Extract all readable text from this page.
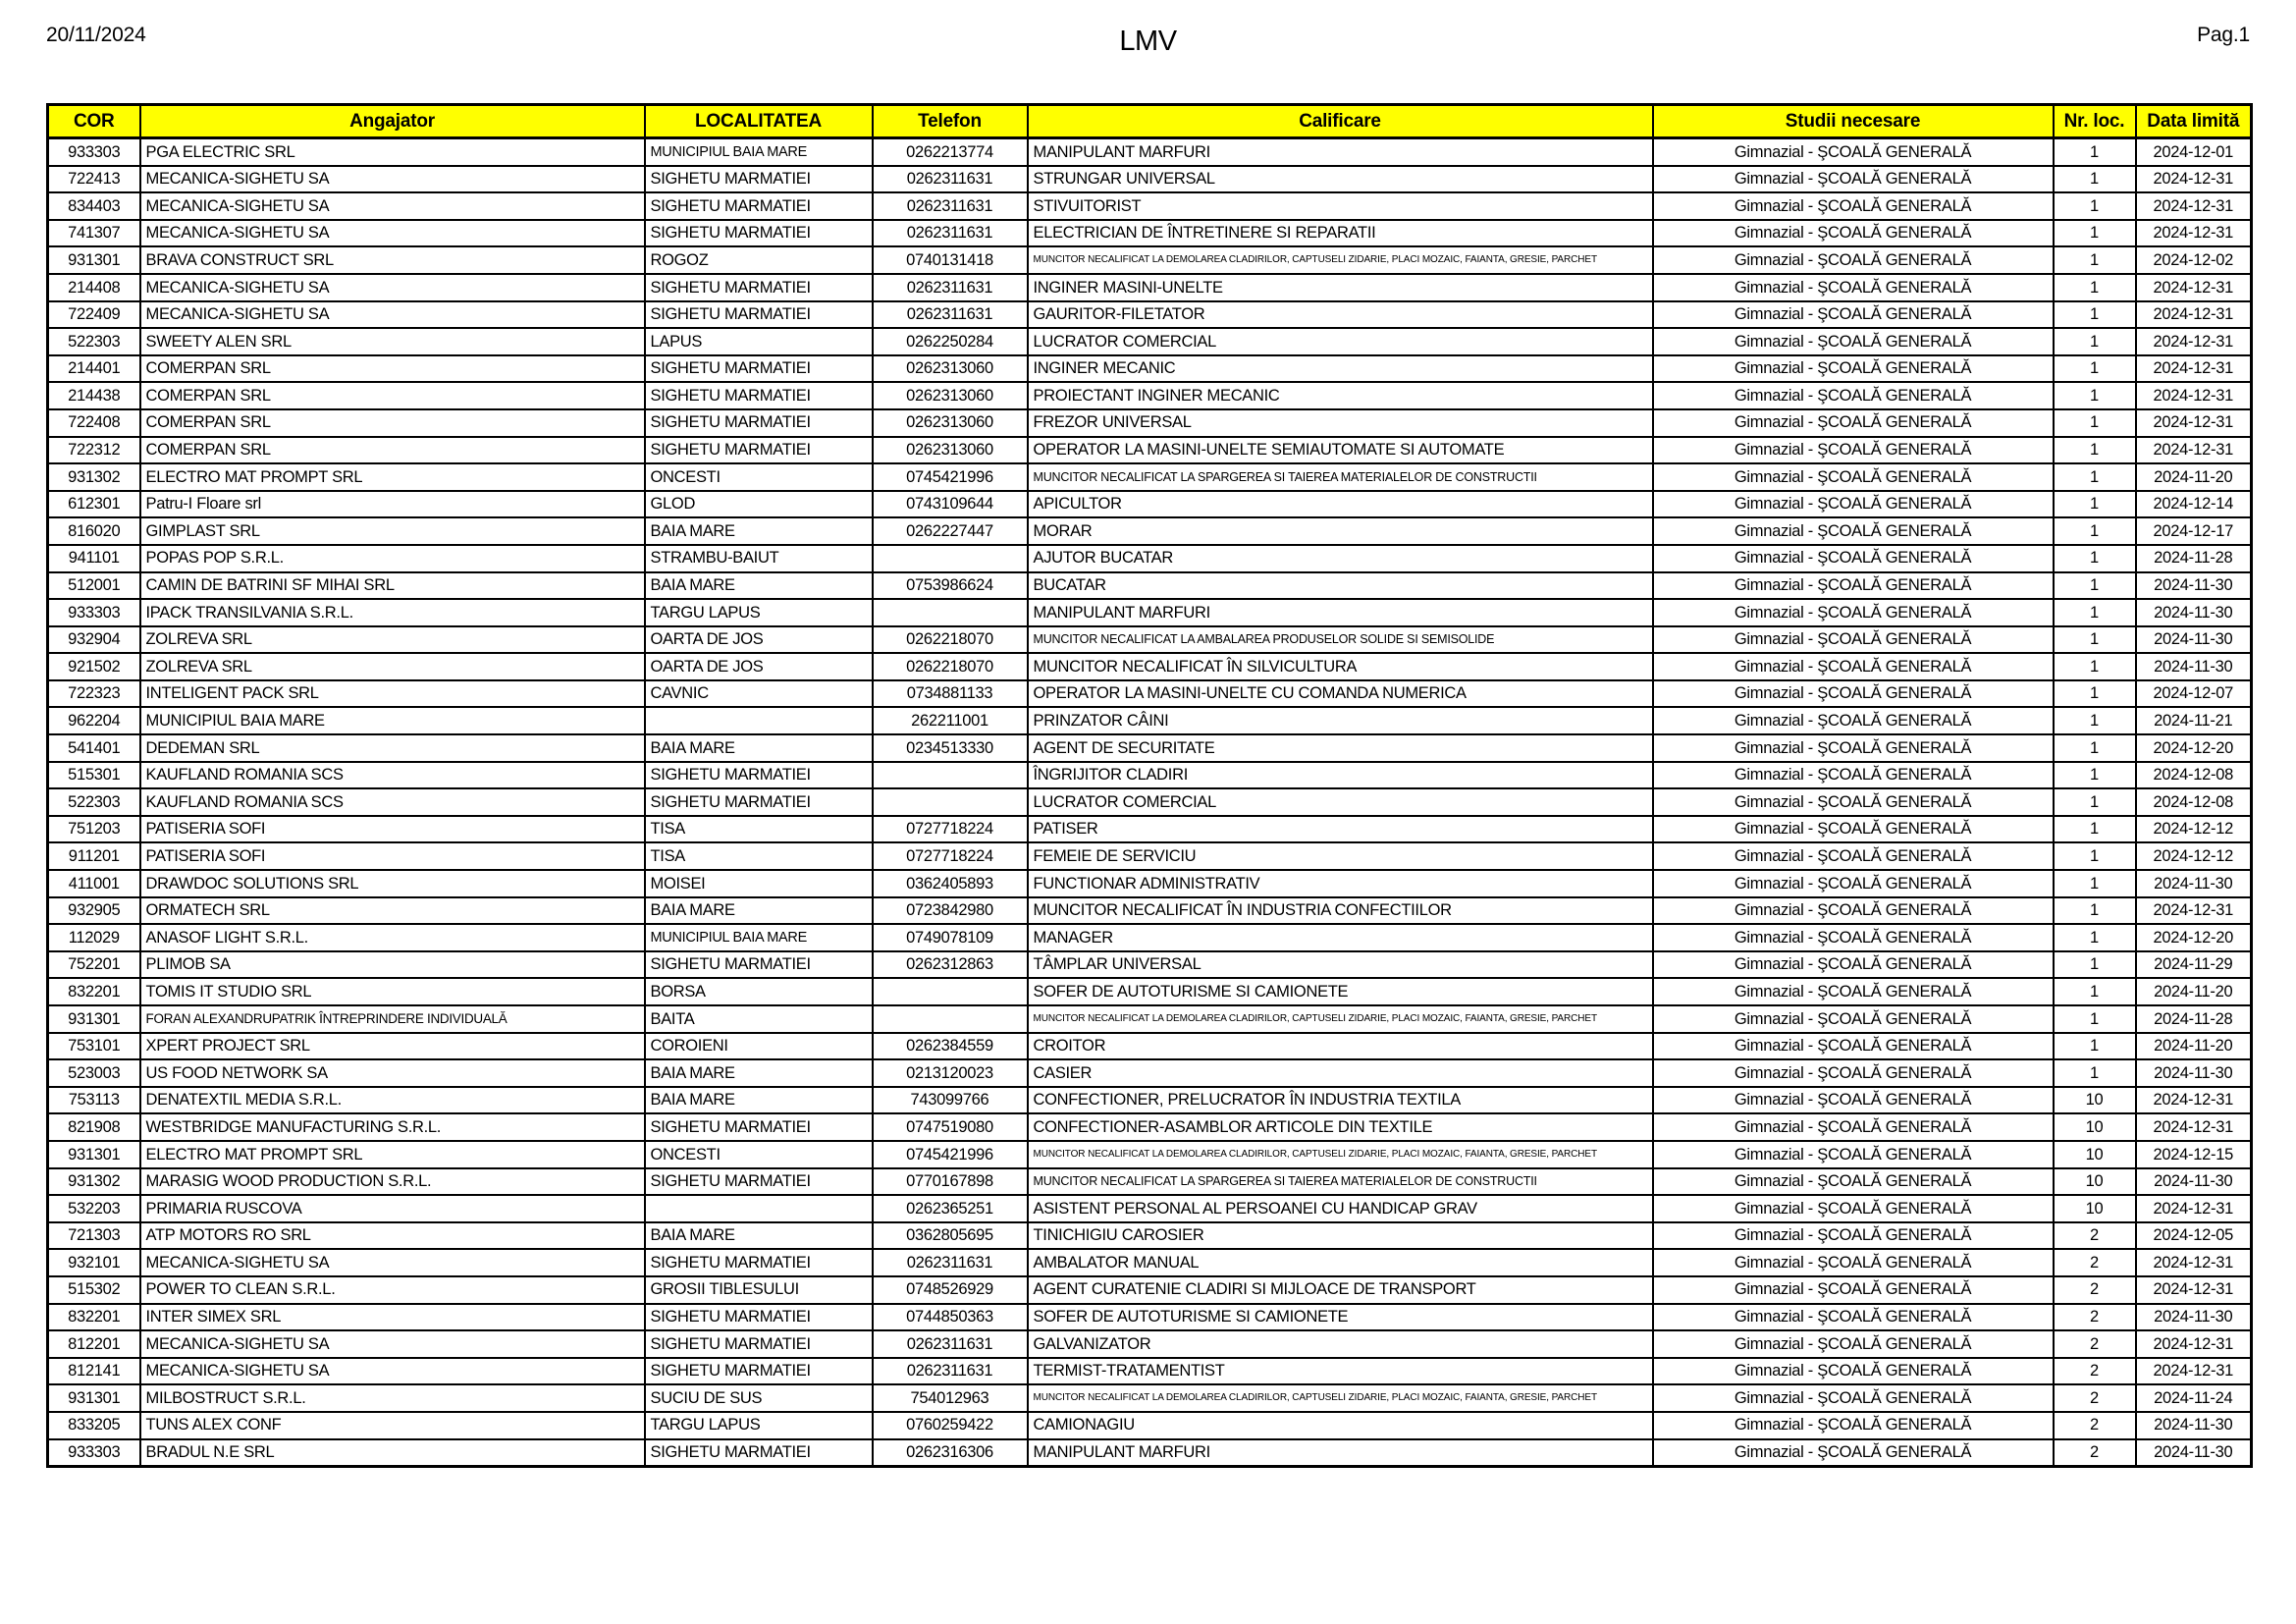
20/11/2024	LMV	Pag.1
COR	Angajator	LOCALITATEA	Telefon	Calificare	Studii necesare	Nr. loc.	Data limită
933303	PGA ELECTRIC SRL	MUNICIPIUL BAIA MARE	0262213774	MANIPULANT MARFURI	Gimnazial - ŞCOALĂ GENERALĂ	1	2024-12-01
722413	MECANICA-SIGHETU SA	SIGHETU MARMATIEI	0262311631	STRUNGAR UNIVERSAL	Gimnazial - ŞCOALĂ GENERALĂ	1	2024-12-31
834403	MECANICA-SIGHETU SA	SIGHETU MARMATIEI	0262311631	STIVUITORIST	Gimnazial - ŞCOALĂ GENERALĂ	1	2024-12-31
741307	MECANICA-SIGHETU SA	SIGHETU MARMATIEI	0262311631	ELECTRICIAN DE ÎNTRETINERE SI REPARATII	Gimnazial - ŞCOALĂ GENERALĂ	1	2024-12-31
931301	BRAVA CONSTRUCT SRL	ROGOZ	0740131418	MUNCITOR NECALIFICAT LA DEMOLAREA CLADIRILOR, CAPTUSELI ZIDARIE, PLACI MOZAIC, FAIANTA, GRESIE, PARCHET	Gimnazial - ŞCOALĂ GENERALĂ	1	2024-12-02
214408	MECANICA-SIGHETU SA	SIGHETU MARMATIEI	0262311631	INGINER MASINI-UNELTE	Gimnazial - ŞCOALĂ GENERALĂ	1	2024-12-31
722409	MECANICA-SIGHETU SA	SIGHETU MARMATIEI	0262311631	GAURITOR-FILETATOR	Gimnazial - ŞCOALĂ GENERALĂ	1	2024-12-31
522303	SWEETY ALEN SRL	LAPUS	0262250284	LUCRATOR COMERCIAL	Gimnazial - ŞCOALĂ GENERALĂ	1	2024-12-31
214401	COMERPAN SRL	SIGHETU MARMATIEI	0262313060	INGINER MECANIC	Gimnazial - ŞCOALĂ GENERALĂ	1	2024-12-31
214438	COMERPAN SRL	SIGHETU MARMATIEI	0262313060	PROIECTANT INGINER MECANIC	Gimnazial - ŞCOALĂ GENERALĂ	1	2024-12-31
722408	COMERPAN SRL	SIGHETU MARMATIEI	0262313060	FREZOR UNIVERSAL	Gimnazial - ŞCOALĂ GENERALĂ	1	2024-12-31
722312	COMERPAN SRL	SIGHETU MARMATIEI	0262313060	OPERATOR LA MASINI-UNELTE SEMIAUTOMATE SI AUTOMATE	Gimnazial - ŞCOALĂ GENERALĂ	1	2024-12-31
931302	ELECTRO MAT PROMPT SRL	ONCESTI	0745421996	MUNCITOR NECALIFICAT LA SPARGEREA SI TAIEREA MATERIALELOR DE CONSTRUCTII	Gimnazial - ŞCOALĂ GENERALĂ	1	2024-11-20
612301	Patru-I Floare srl	GLOD	0743109644	APICULTOR	Gimnazial - ŞCOALĂ GENERALĂ	1	2024-12-14
816020	GIMPLAST SRL	BAIA MARE	0262227447	MORAR	Gimnazial - ŞCOALĂ GENERALĂ	1	2024-12-17
941101	POPAS POP S.R.L.	STRAMBU-BAIUT		AJUTOR BUCATAR	Gimnazial - ŞCOALĂ GENERALĂ	1	2024-11-28
512001	CAMIN DE BATRINI SF MIHAI SRL	BAIA MARE	0753986624	BUCATAR	Gimnazial - ŞCOALĂ GENERALĂ	1	2024-11-30
933303	IPACK TRANSILVANIA S.R.L.	TARGU LAPUS		MANIPULANT MARFURI	Gimnazial - ŞCOALĂ GENERALĂ	1	2024-11-30
932904	ZOLREVA SRL	OARTA DE JOS	0262218070	MUNCITOR NECALIFICAT LA AMBALAREA PRODUSELOR SOLIDE SI SEMISOLIDE	Gimnazial - ŞCOALĂ GENERALĂ	1	2024-11-30
921502	ZOLREVA SRL	OARTA DE JOS	0262218070	MUNCITOR NECALIFICAT ÎN SILVICULTURA	Gimnazial - ŞCOALĂ GENERALĂ	1	2024-11-30
722323	INTELIGENT PACK SRL	CAVNIC	0734881133	OPERATOR LA MASINI-UNELTE CU COMANDA NUMERICA	Gimnazial - ŞCOALĂ GENERALĂ	1	2024-12-07
962204	MUNICIPIUL BAIA MARE		262211001	PRINZATOR CÂINI	Gimnazial - ŞCOALĂ GENERALĂ	1	2024-11-21
541401	DEDEMAN SRL	BAIA MARE	0234513330	AGENT DE SECURITATE	Gimnazial - ŞCOALĂ GENERALĂ	1	2024-12-20
515301	KAUFLAND ROMANIA SCS	SIGHETU MARMATIEI		ÎNGRIJITOR CLADIRI	Gimnazial - ŞCOALĂ GENERALĂ	1	2024-12-08
522303	KAUFLAND ROMANIA SCS	SIGHETU MARMATIEI		LUCRATOR COMERCIAL	Gimnazial - ŞCOALĂ GENERALĂ	1	2024-12-08
751203	PATISERIA SOFI	TISA	0727718224	PATISER	Gimnazial - ŞCOALĂ GENERALĂ	1	2024-12-12
911201	PATISERIA SOFI	TISA	0727718224	FEMEIE DE SERVICIU	Gimnazial - ŞCOALĂ GENERALĂ	1	2024-12-12
411001	DRAWDOC SOLUTIONS SRL	MOISEI	0362405893	FUNCTIONAR ADMINISTRATIV	Gimnazial - ŞCOALĂ GENERALĂ	1	2024-11-30
932905	ORMATECH SRL	BAIA MARE	0723842980	MUNCITOR NECALIFICAT ÎN INDUSTRIA CONFECTIILOR	Gimnazial - ŞCOALĂ GENERALĂ	1	2024-12-31
112029	ANASOF LIGHT S.R.L.	MUNICIPIUL BAIA MARE	0749078109	MANAGER	Gimnazial - ŞCOALĂ GENERALĂ	1	2024-12-20
752201	PLIMOB SA	SIGHETU MARMATIEI	0262312863	TÂMPLAR UNIVERSAL	Gimnazial - ŞCOALĂ GENERALĂ	1	2024-11-29
832201	TOMIS IT STUDIO SRL	BORSA		SOFER DE AUTOTURISME SI CAMIONETE	Gimnazial - ŞCOALĂ GENERALĂ	1	2024-11-20
931301	FORAN ALEXANDRUPATRIK ÎNTREPRINDERE INDIVIDUALĂ	BAITA		MUNCITOR NECALIFICAT LA DEMOLAREA CLADIRILOR, CAPTUSELI ZIDARIE, PLACI MOZAIC, FAIANTA, GRESIE, PARCHET	Gimnazial - ŞCOALĂ GENERALĂ	1	2024-11-28
753101	XPERT PROJECT SRL	COROIENI	0262384559	CROITOR	Gimnazial - ŞCOALĂ GENERALĂ	1	2024-11-20
523003	US FOOD NETWORK SA	BAIA MARE	0213120023	CASIER	Gimnazial - ŞCOALĂ GENERALĂ	1	2024-11-30
753113	DENATEXTIL MEDIA S.R.L.	BAIA MARE	743099766	CONFECTIONER, PRELUCRATOR ÎN INDUSTRIA TEXTILA	Gimnazial - ŞCOALĂ GENERALĂ	10	2024-12-31
821908	WESTBRIDGE MANUFACTURING S.R.L.	SIGHETU MARMATIEI	0747519080	CONFECTIONER-ASAMBLOR ARTICOLE DIN TEXTILE	Gimnazial - ŞCOALĂ GENERALĂ	10	2024-12-31
931301	ELECTRO MAT PROMPT SRL	ONCESTI	0745421996	MUNCITOR NECALIFICAT LA DEMOLAREA CLADIRILOR, CAPTUSELI ZIDARIE, PLACI MOZAIC, FAIANTA, GRESIE, PARCHET	Gimnazial - ŞCOALĂ GENERALĂ	10	2024-12-15
931302	MARASIG WOOD PRODUCTION S.R.L.	SIGHETU MARMATIEI	0770167898	MUNCITOR NECALIFICAT LA SPARGEREA SI TAIEREA MATERIALELOR DE CONSTRUCTII	Gimnazial - ŞCOALĂ GENERALĂ	10	2024-11-30
532203	PRIMARIA RUSCOVA		0262365251	ASISTENT PERSONAL AL PERSOANEI CU HANDICAP GRAV	Gimnazial - ŞCOALĂ GENERALĂ	10	2024-12-31
721303	ATP MOTORS RO SRL	BAIA MARE	0362805695	TINICHIGIU CAROSIER	Gimnazial - ŞCOALĂ GENERALĂ	2	2024-12-05
932101	MECANICA-SIGHETU SA	SIGHETU MARMATIEI	0262311631	AMBALATOR MANUAL	Gimnazial - ŞCOALĂ GENERALĂ	2	2024-12-31
515302	POWER TO CLEAN S.R.L.	GROSII TIBLESULUI	0748526929	AGENT CURATENIE CLADIRI SI MIJLOACE DE TRANSPORT	Gimnazial - ŞCOALĂ GENERALĂ	2	2024-12-31
832201	INTER SIMEX SRL	SIGHETU MARMATIEI	0744850363	SOFER DE AUTOTURISME SI CAMIONETE	Gimnazial - ŞCOALĂ GENERALĂ	2	2024-11-30
812201	MECANICA-SIGHETU SA	SIGHETU MARMATIEI	0262311631	GALVANIZATOR	Gimnazial - ŞCOALĂ GENERALĂ	2	2024-12-31
812141	MECANICA-SIGHETU SA	SIGHETU MARMATIEI	0262311631	TERMIST-TRATAMENTIST	Gimnazial - ŞCOALĂ GENERALĂ	2	2024-12-31
931301	MILBOSTRUCT S.R.L.	SUCIU DE SUS	754012963	MUNCITOR NECALIFICAT LA DEMOLAREA CLADIRILOR, CAPTUSELI ZIDARIE, PLACI MOZAIC, FAIANTA, GRESIE, PARCHET	Gimnazial - ŞCOALĂ GENERALĂ	2	2024-11-24
833205	TUNS ALEX CONF	TARGU LAPUS	0760259422	CAMIONAGIU	Gimnazial - ŞCOALĂ GENERALĂ	2	2024-11-30
933303	BRADUL N.E SRL	SIGHETU MARMATIEI	0262316306	MANIPULANT MARFURI	Gimnazial - ŞCOALĂ GENERALĂ	2	2024-11-30
